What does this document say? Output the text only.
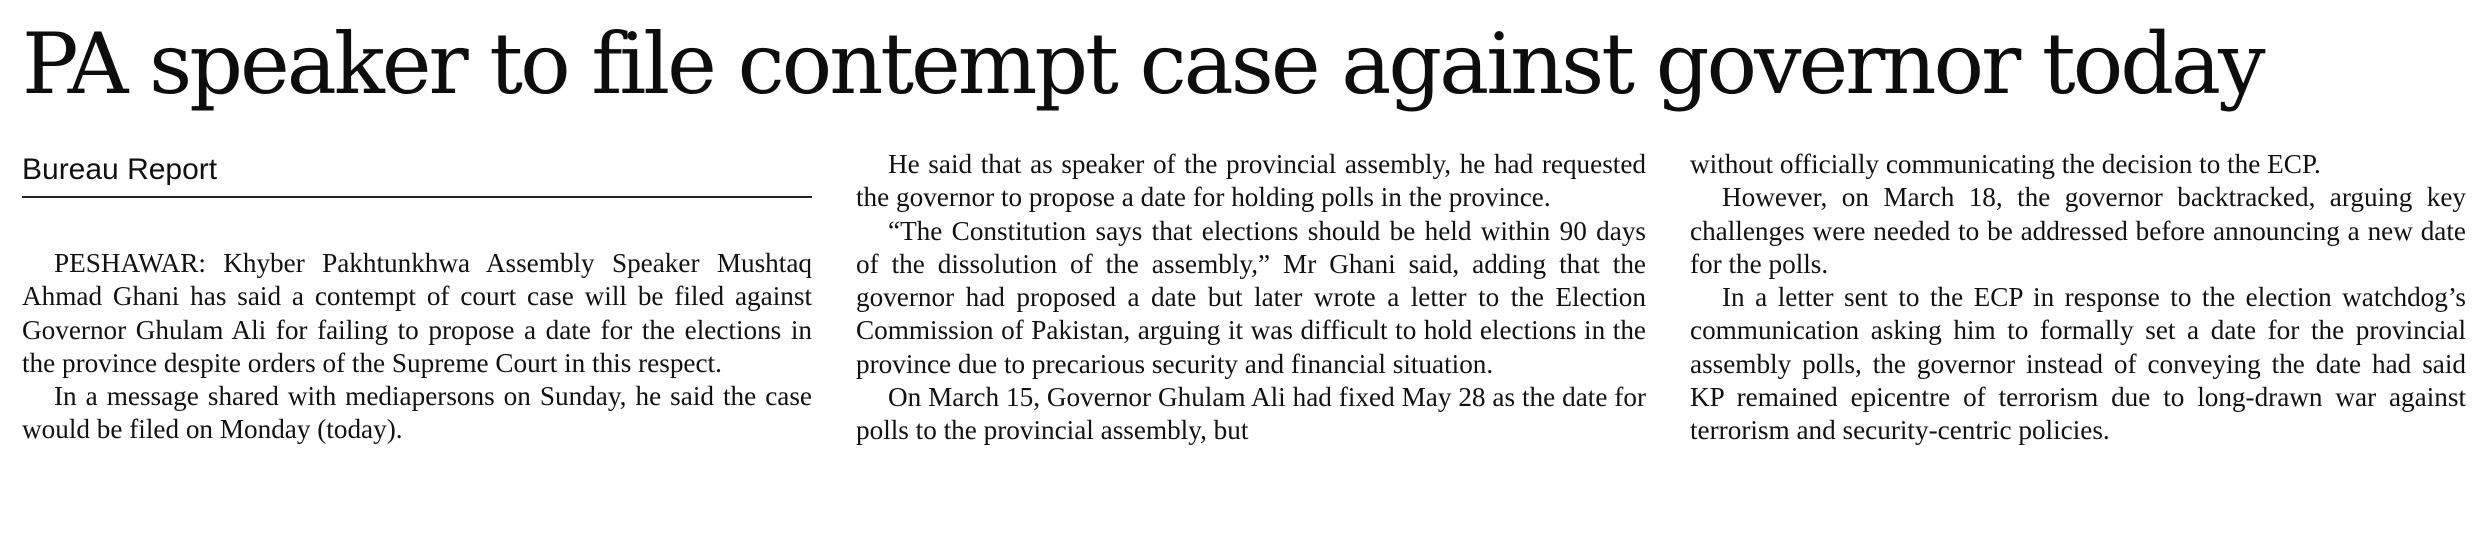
PA speaker to file contempt case against governor today
Bureau Report

PESHAWAR: Khyber Pakhtunkhwa Assembly Speaker Mushtaq Ahmad Ghani has said a contempt of court case will be filed against Governor Ghulam Ali for failing to propose a date for the elections in the province despite orders of the Supreme Court in this respect.

In a message shared with mediapersons on Sunday, he said the case would be filed on Monday (today).

He said that as speaker of the provincial assembly, he had requested the governor to propose a date for holding polls in the province.

“The Constitution says that elections should be held within 90 days of the dissolution of the assembly,” Mr Ghani said, adding that the governor had proposed a date but later wrote a letter to the Election Commission of Pakistan, arguing it was difficult to hold elections in the province due to precarious security and financial situation.

On March 15, Governor Ghulam Ali had fixed May 28 as the date for polls to the provincial assembly, but

without officially communicating the decision to the ECP.

However, on March 18, the governor backtracked, arguing key challenges were needed to be addressed before announcing a new date for the polls.

In a letter sent to the ECP in response to the election watchdog’s communication asking him to formally set a date for the provincial assembly polls, the governor instead of conveying the date had said KP remained epicentre of terrorism due to long-drawn war against terrorism and security-centric policies.
